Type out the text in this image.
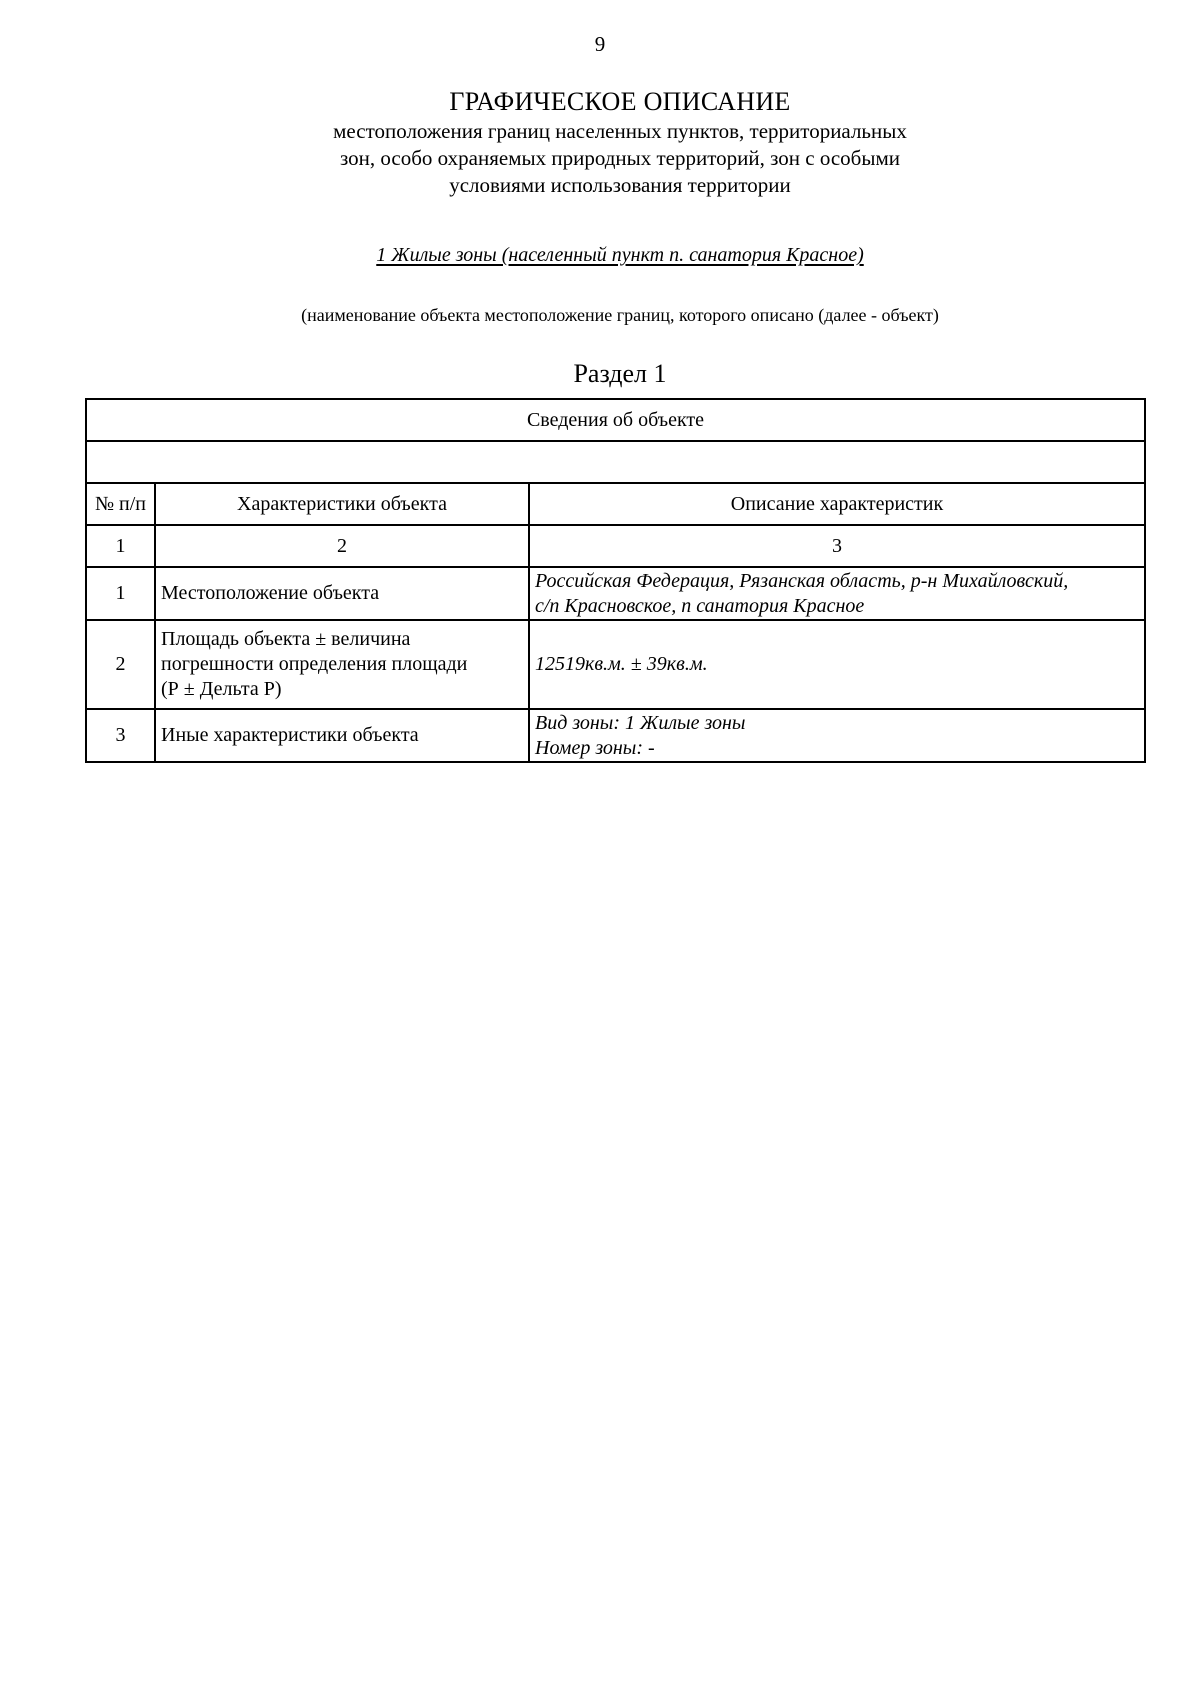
9
ГРАФИЧЕСКОЕ ОПИСАНИЕ
местоположения границ населенных пунктов, территориальных
зон, особо охраняемых природных территорий, зон с особыми
условиями использования территории
1 Жилые зоны (населенный пункт п. санатория Красное)
(наименование объекта местоположение границ, которого описано (далее - объект)
Раздел 1
Сведения об объекте		

№ п/п	Характеристики объекта	Описание характеристик
1	2	3
1	Местоположение объекта	Российская Федерация, Рязанская область, р-н Михайловский,
с/п Красновское, п санатория Красное

2	Площадь объекта ± величина
погрешности определения площади
(Р ± Дельта Р)	12519кв.м. ± 39кв.м.

3	Иные характеристики объекта	Вид зоны: 1 Жилые зоны
Номер зоны: -
